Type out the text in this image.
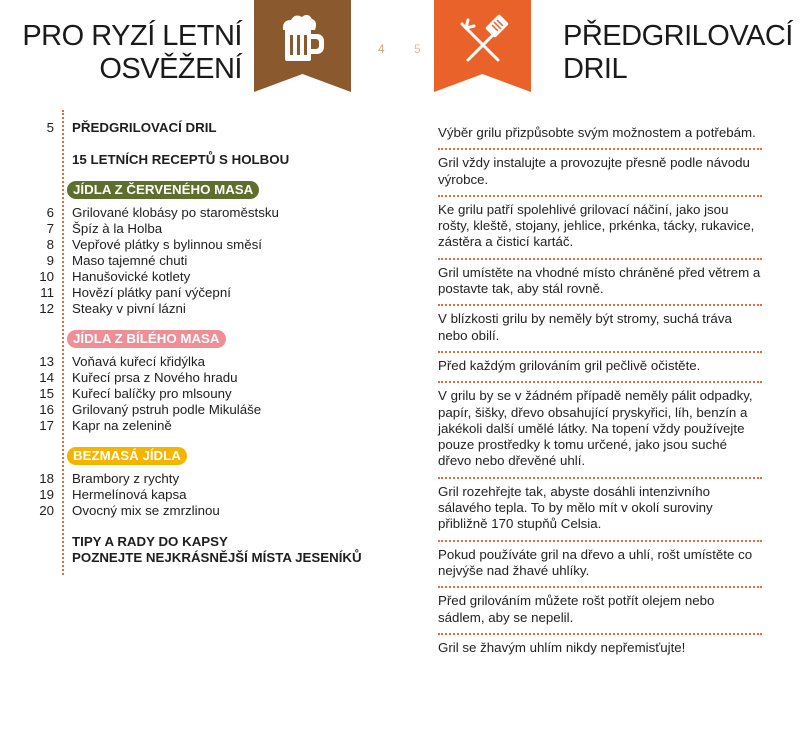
PRO RYZÍ LETNÍ
OSVĚŽENÍ
4 5	PŘEDGRILOVACÍ
DRIL
5 PŘEDGRILOVACÍ DRIL
15 LETNÍCH RECEPTŮ S HOLBOU
JÍDLA Z ČERVENÉHO MASA
6 Grilované klobásy po staroměstsku
7 Špíz à la Holba
8 Vepřové plátky s bylinnou směsí
9 Maso tajemné chuti
10 Hanušovické kotlety
11 Hovězí plátky paní výčepní
12 Steaky v pivní lázni
JÍDLA Z BÍLÉHO MASA
13 Voňavá kuřecí křidýlka
14 Kuřecí prsa z Nového hradu
15 Kuřecí balíčky pro mlsouny
16 Grilovaný pstruh podle Mikuláše
17 Kapr na zelenině
BEZMASÁ JÍDLA
18 Brambory z rychty
19 Hermelínová kapsa
20 Ovocný mix se zmrzlinou
TIPY A RADY DO KAPSY
POZNEJTE NEJKRÁSNĚJŠÍ MÍSTA JESENÍKŮ
Výběr grilu přizpůsobte svým možnostem a potřebám.
Gril vždy instalujte a provozujte přesně podle návodu výrobce.
Ke grilu patří spolehlivé grilovací náčiní, jako jsou rošty, kleště, stojany, jehlice, prkénka, tácky, rukavice, zástěra a čisticí kartáč.
Gril umístěte na vhodné místo chráněné před větrem a postavte tak, aby stál rovně.
V blízkosti grilu by neměly být stromy, suchá tráva nebo obilí.
Před každým grilováním gril pečlivě očistěte.
V grilu by se v žádném případě neměly pálit odpadky, papír, šišky, dřevo obsahující pryskyřici, líh, benzín a jakékoli další umělé látky. Na topení vždy používejte pouze prostředky k tomu určené, jako jsou suché dřevo nebo dřevěné uhlí.
Gril rozehřejte tak, abyste dosáhli intenzivního sálavého tepla. To by mělo mít v okolí suroviny přibližně 170 stupňů Celsia.
Pokud používáte gril na dřevo a uhlí, rošt umístěte co nejvýše nad žhavé uhlíky.
Před grilováním můžete rošt potřít olejem nebo sádlem, aby se nepelil.
Gril se žhavým uhlím nikdy nepřemisťujte!
